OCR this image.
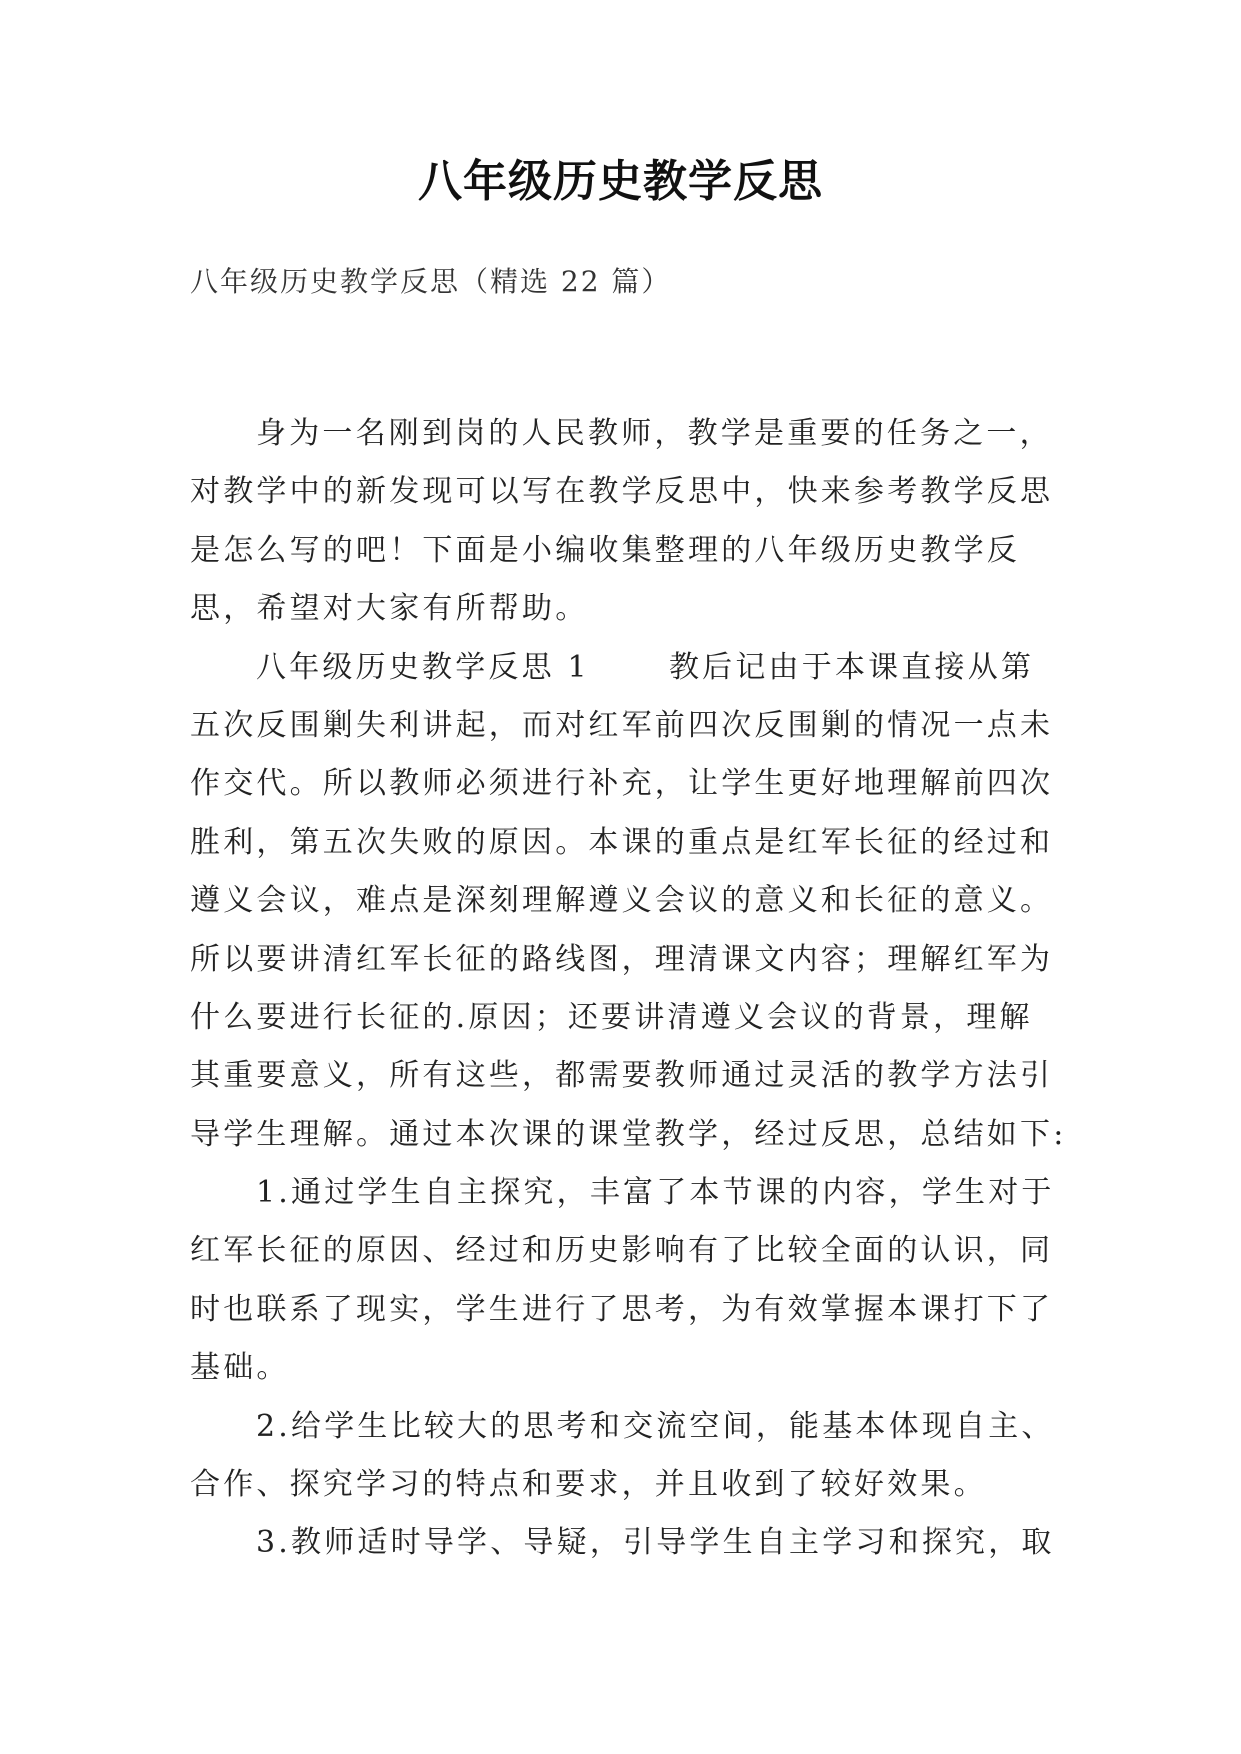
八年级历史教学反思
八年级历史教学反思（精选 22 篇）
身为一名刚到岗的人民教师，教学是重要的任务之一，
对教学中的新发现可以写在教学反思中，快来参考教学反思
是怎么写的吧！下面是小编收集整理的八年级历史教学反
思，希望对大家有所帮助。
八年级历史教学反思 1　　 教后记由于本课直接从第
五次反围剿失利讲起，而对红军前四次反围剿的情况一点未
作交代。所以教师必须进行补充，让学生更好地理解前四次
胜利，第五次失败的原因。本课的重点是红军长征的经过和
遵义会议，难点是深刻理解遵义会议的意义和长征的意义。
所以要讲清红军长征的路线图，理清课文内容；理解红军为
什么要进行长征的.原因；还要讲清遵义会议的背景，理解
其重要意义，所有这些，都需要教师通过灵活的教学方法引
导学生理解。通过本次课的课堂教学，经过反思，总结如下:
1.通过学生自主探究，丰富了本节课的内容，学生对于
红军长征的原因、经过和历史影响有了比较全面的认识，同
时也联系了现实，学生进行了思考，为有效掌握本课打下了
基础。
2.给学生比较大的思考和交流空间，能基本体现自主、
合作、探究学习的特点和要求，并且收到了较好效果。
3.教师适时导学、导疑，引导学生自主学习和探究，取
